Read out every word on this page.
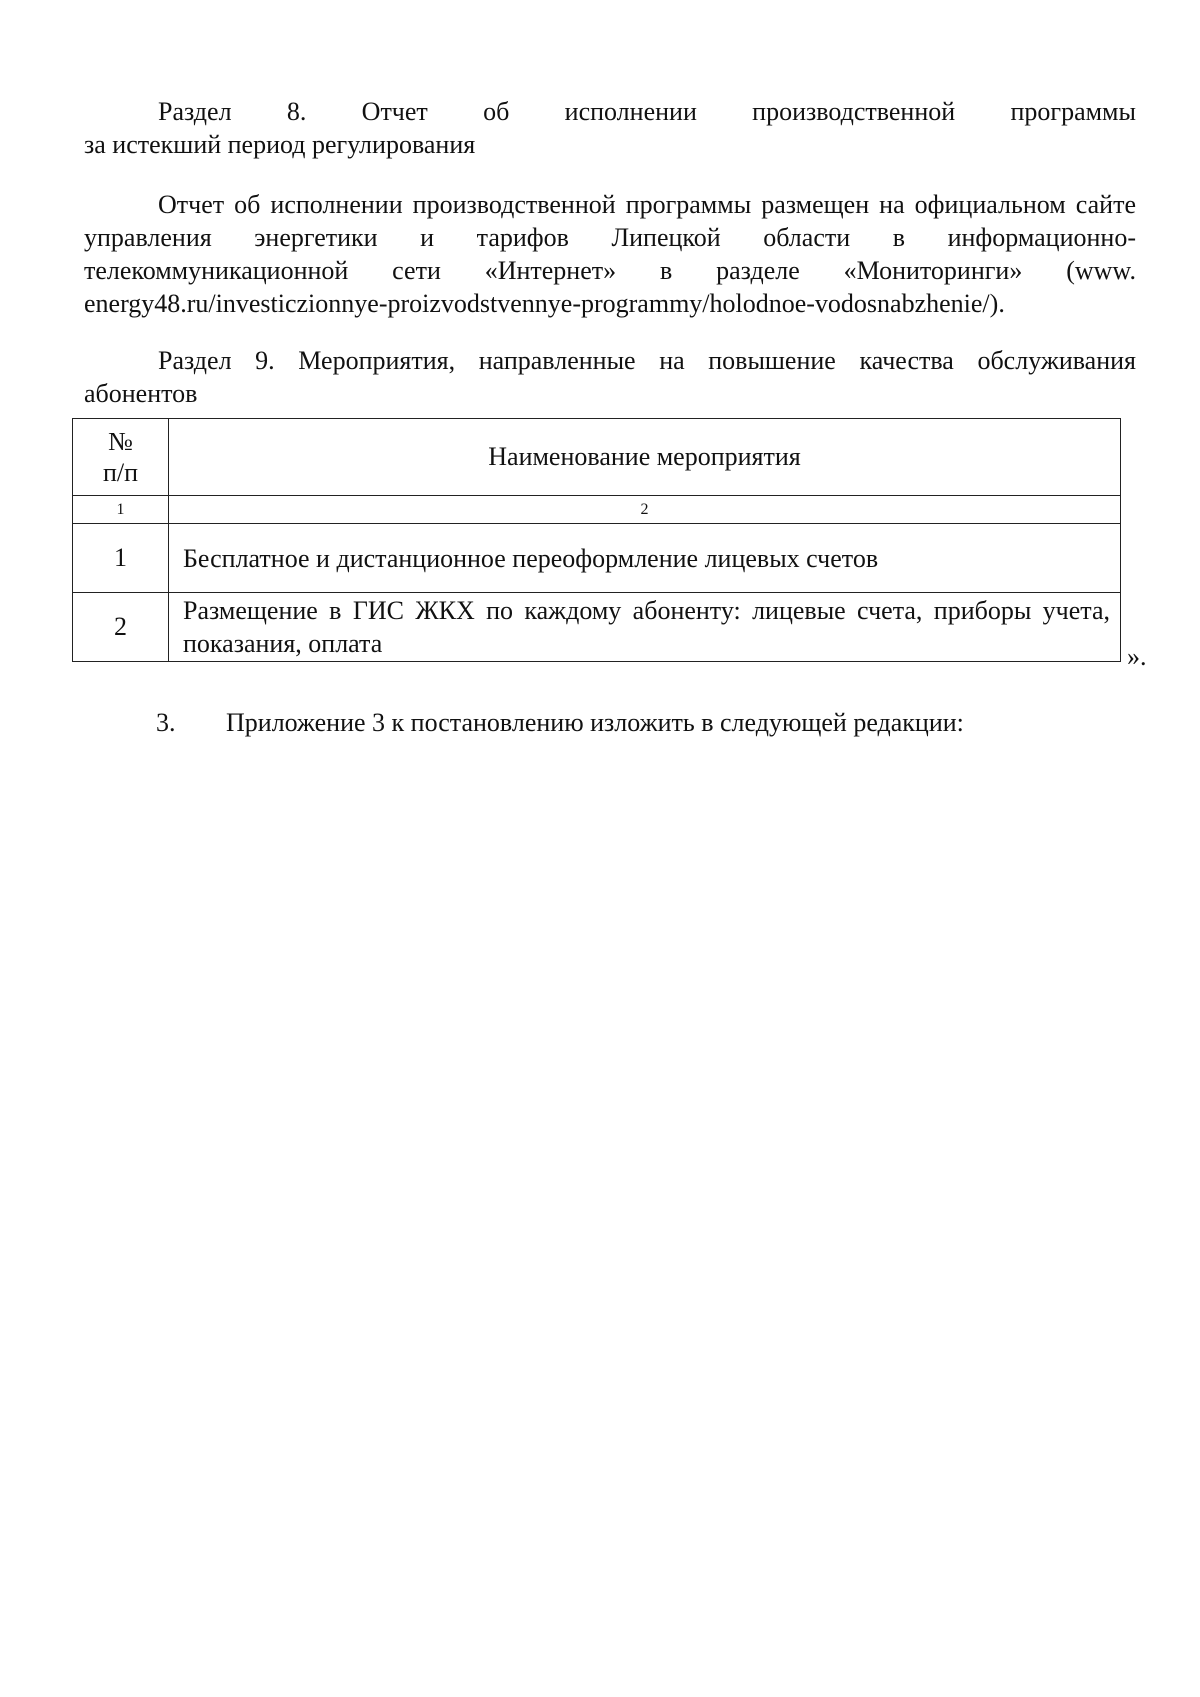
Раздел 8. Отчет об исполнении производственной программы
за истекший период регулирования
Отчет об исполнении производственной программы размещен на официальном сайте управления энергетики и тарифов Липецкой области в информационно-телекоммуникационной сети «Интернет» в разделе «Мониторинги» (www. energy48.ru/investiczionnye-proizvodstvennye-programmy/holodnoe-vodosnabzhenie/).
Раздел 9. Мероприятия, направленные на повышение качества обслуживания абонентов
№
п/п	Наименование мероприятия
1	2
1	Бесплатное и дистанционное переоформление лицевых счетов
2	Размещение в ГИС ЖКХ по каждому абоненту: лицевые счета, приборы учета, показания, оплата	».
3. Приложение 3 к постановлению изложить в следующей редакции:
